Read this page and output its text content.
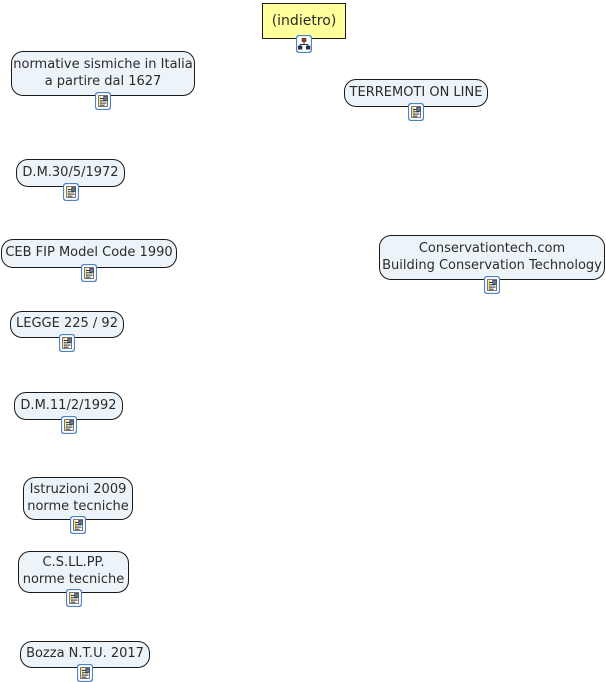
(indietro)
normative sismiche in Italia
a partire dal 1627
TERREMOTI ON LINE
D.M.30/5/1972
CEB FIP Model Code 1990	Conservationtech.com
Building Conservation Technology
LEGGE 225 / 92
D.M.11/2/1992
Istruzioni 2009
norme tecniche
C.S.LL.PP.
norme tecniche
Bozza N.T.U. 2017
